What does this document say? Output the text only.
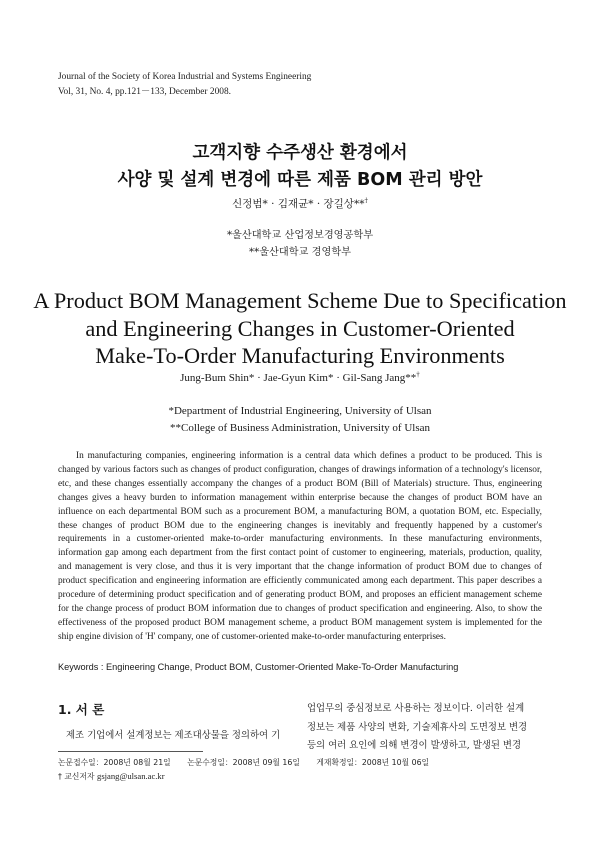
Journal of the Society of Korea Industrial and Systems Engineering
Vol, 31, No. 4, pp.121－133, December 2008.
고객지향 수주생산 환경에서
사양 및 설계 변경에 따른 제품 BOM 관리 방안
신정범* · 김재균* · 장길상**†
*울산대학교 산업정보경영공학부
**울산대학교 경영학부
A Product BOM Management Scheme Due to Specification
and Engineering Changes in Customer-Oriented
Make-To-Order Manufacturing Environments
Jung-Bum Shin* · Jae-Gyun Kim* · Gil-Sang Jang**†
*Department of Industrial Engineering, University of Ulsan
**College of Business Administration, University of Ulsan
In manufacturing companies, engineering information is a central data which defines a product to be produced. This is changed by various factors such as changes of product configuration, changes of drawings information of a technology's licensor, etc, and these changes essentially accompany the changes of a product BOM (Bill of Materials) structure. Thus, engineering changes gives a heavy burden to information management within enterprise because the changes of product BOM have an influence on each departmental BOM such as a procurement BOM, a manufacturing BOM, a quotation BOM, etc. Especially, these changes of product BOM due to the engineering changes is inevitably and frequently happened by a customer's requirements in a customer-oriented make-to-order manufacturing environments. In these manufacturing environments, information gap among each department from the first contact point of customer to engineering, materials, production, quality, and management is very close, and thus it is very important that the change information of product BOM due to changes of product specification and engineering information are efficiently communicated among each department. This paper describes a procedure of determining product specification and of generating product BOM, and proposes an efficient management scheme for the change process of product BOM information due to changes of product specification and engineering. Also, to show the effectiveness of the proposed product BOM management scheme, a product BOM management system is implemented for the ship engine division of 'H' company, one of customer-oriented make-to-order manufacturing enterprises.
Keywords : Engineering Change, Product BOM, Customer-Oriented Make-To-Order Manufacturing
1. 서 론
제조 기업에서 설계정보는 제조대상물을 정의하여 기
업업무의 중심정보로 사용하는 정보이다. 이러한 설계
정보는 제품 사양의 변화, 기술제휴사의 도면정보 변경
등의 여러 요인에 의해 변경이 발생하고, 발생된 변경
논문접수일：2008년 08월 21일 논문수정일：2008년 09월 16일 게재확정일：2008년 10월 06일
† 교신저자 gsjang@ulsan.ac.kr
